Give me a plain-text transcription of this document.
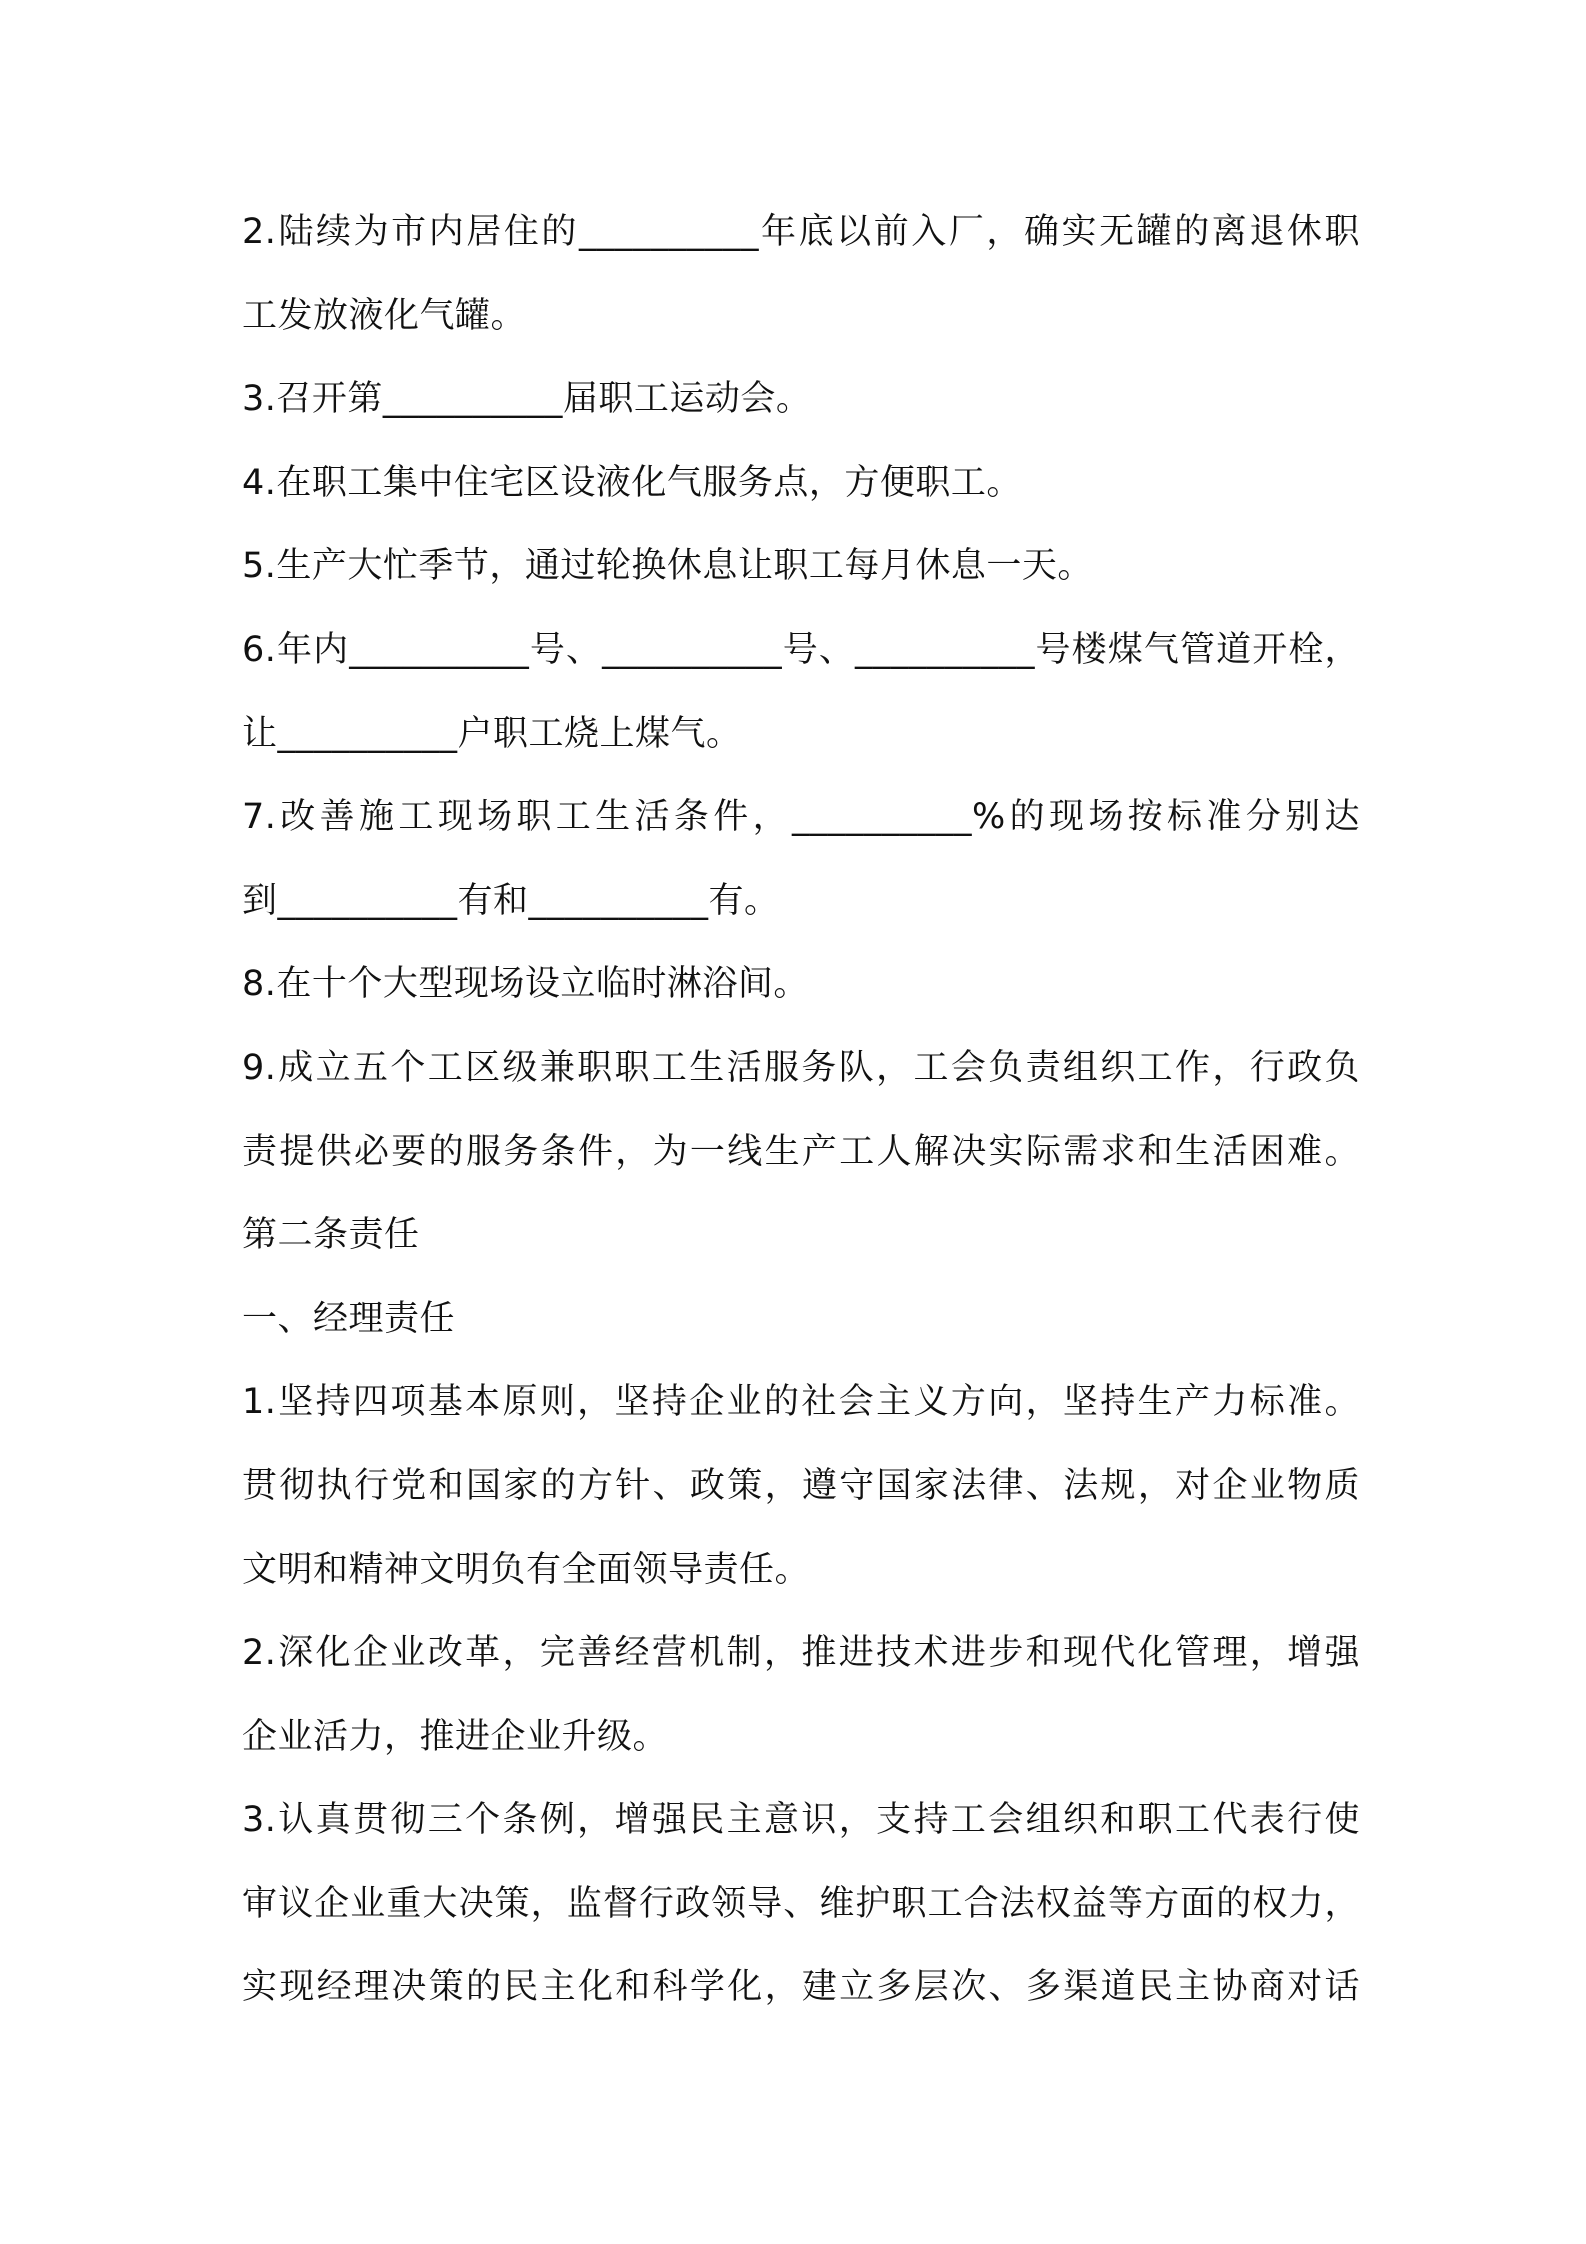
2.陆续为市内居住的__________年底以前入厂，确实无罐的离退休职
工发放液化气罐。
3.召开第__________届职工运动会。
4.在职工集中住宅区设液化气服务点，方便职工。
5.生产大忙季节，通过轮换休息让职工每月休息一天。
6.年内__________号、__________号、__________号楼煤气管道开栓，
让__________户职工烧上煤气。
7.改善施工现场职工生活条件，__________%的现场按标准分别达
到__________有和__________有。
8.在十个大型现场设立临时淋浴间。
9.成立五个工区级兼职职工生活服务队，工会负责组织工作，行政负
责提供必要的服务条件，为一线生产工人解决实际需求和生活困难。
第二条责任
一、经理责任
1.坚持四项基本原则，坚持企业的社会主义方向，坚持生产力标准。
贯彻执行党和国家的方针、政策，遵守国家法律、法规，对企业物质
文明和精神文明负有全面领导责任。
2.深化企业改革，完善经营机制，推进技术进步和现代化管理，增强
企业活力，推进企业升级。
3.认真贯彻三个条例，增强民主意识，支持工会组织和职工代表行使
审议企业重大决策，监督行政领导、维护职工合法权益等方面的权力，
实现经理决策的民主化和科学化，建立多层次、多渠道民主协商对话
